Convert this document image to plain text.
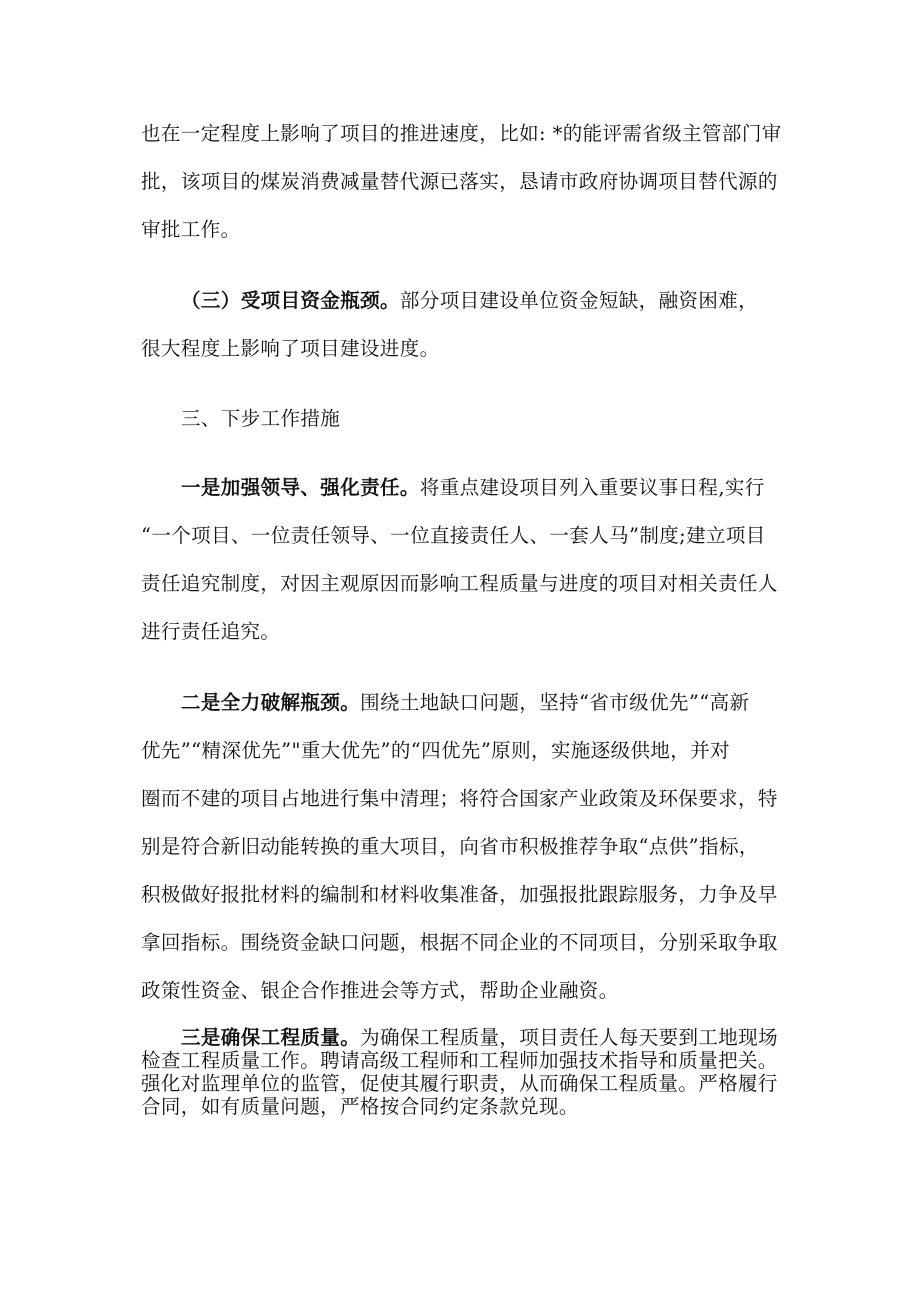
也在一定程度上影响了项目的推进速度，比如: *的能评需省级主管部门审
批，该项目的煤炭消费减量替代源已落实，恳请市政府协调项目替代源的
审批工作。
（三）受项目资金瓶颈。部分项目建设单位资金短缺，融资困难，
很大程度上影响了项目建设进度。
三、下步工作措施
一是加强领导、强化责任。将重点建设项目列入重要议事日程,实行
“一个项目、一位责任领导、一位直接责任人、一套人马”制度;建立项目
责任追究制度，对因主观原因而影响工程质量与进度的项目对相关责任人
进行责任追究。
二是全力破解瓶颈。围绕土地缺口问题，坚持“省市级优先”“高新
优先”“精深优先”"重大优先”的“四优先”原则，实施逐级供地，并对
圈而不建的项目占地进行集中清理；将符合国家产业政策及环保要求，特
别是符合新旧动能转换的重大项目，向省市积极推荐争取“点供”指标，
积极做好报批材料的编制和材料收集准备，加强报批跟踪服务，力争及早
拿回指标。围绕资金缺口问题，根据不同企业的不同项目，分别采取争取
政策性资金、银企合作推进会等方式，帮助企业融资。
三是确保工程质量。为确保工程质量，项目责任人每天要到工地现场
检查工程质量工作。聘请高级工程师和工程师加强技术指导和质量把关。
强化对监理单位的监管，促使其履行职责，从而确保工程质量。严格履行
合同，如有质量问题，严格按合同约定条款兑现。
